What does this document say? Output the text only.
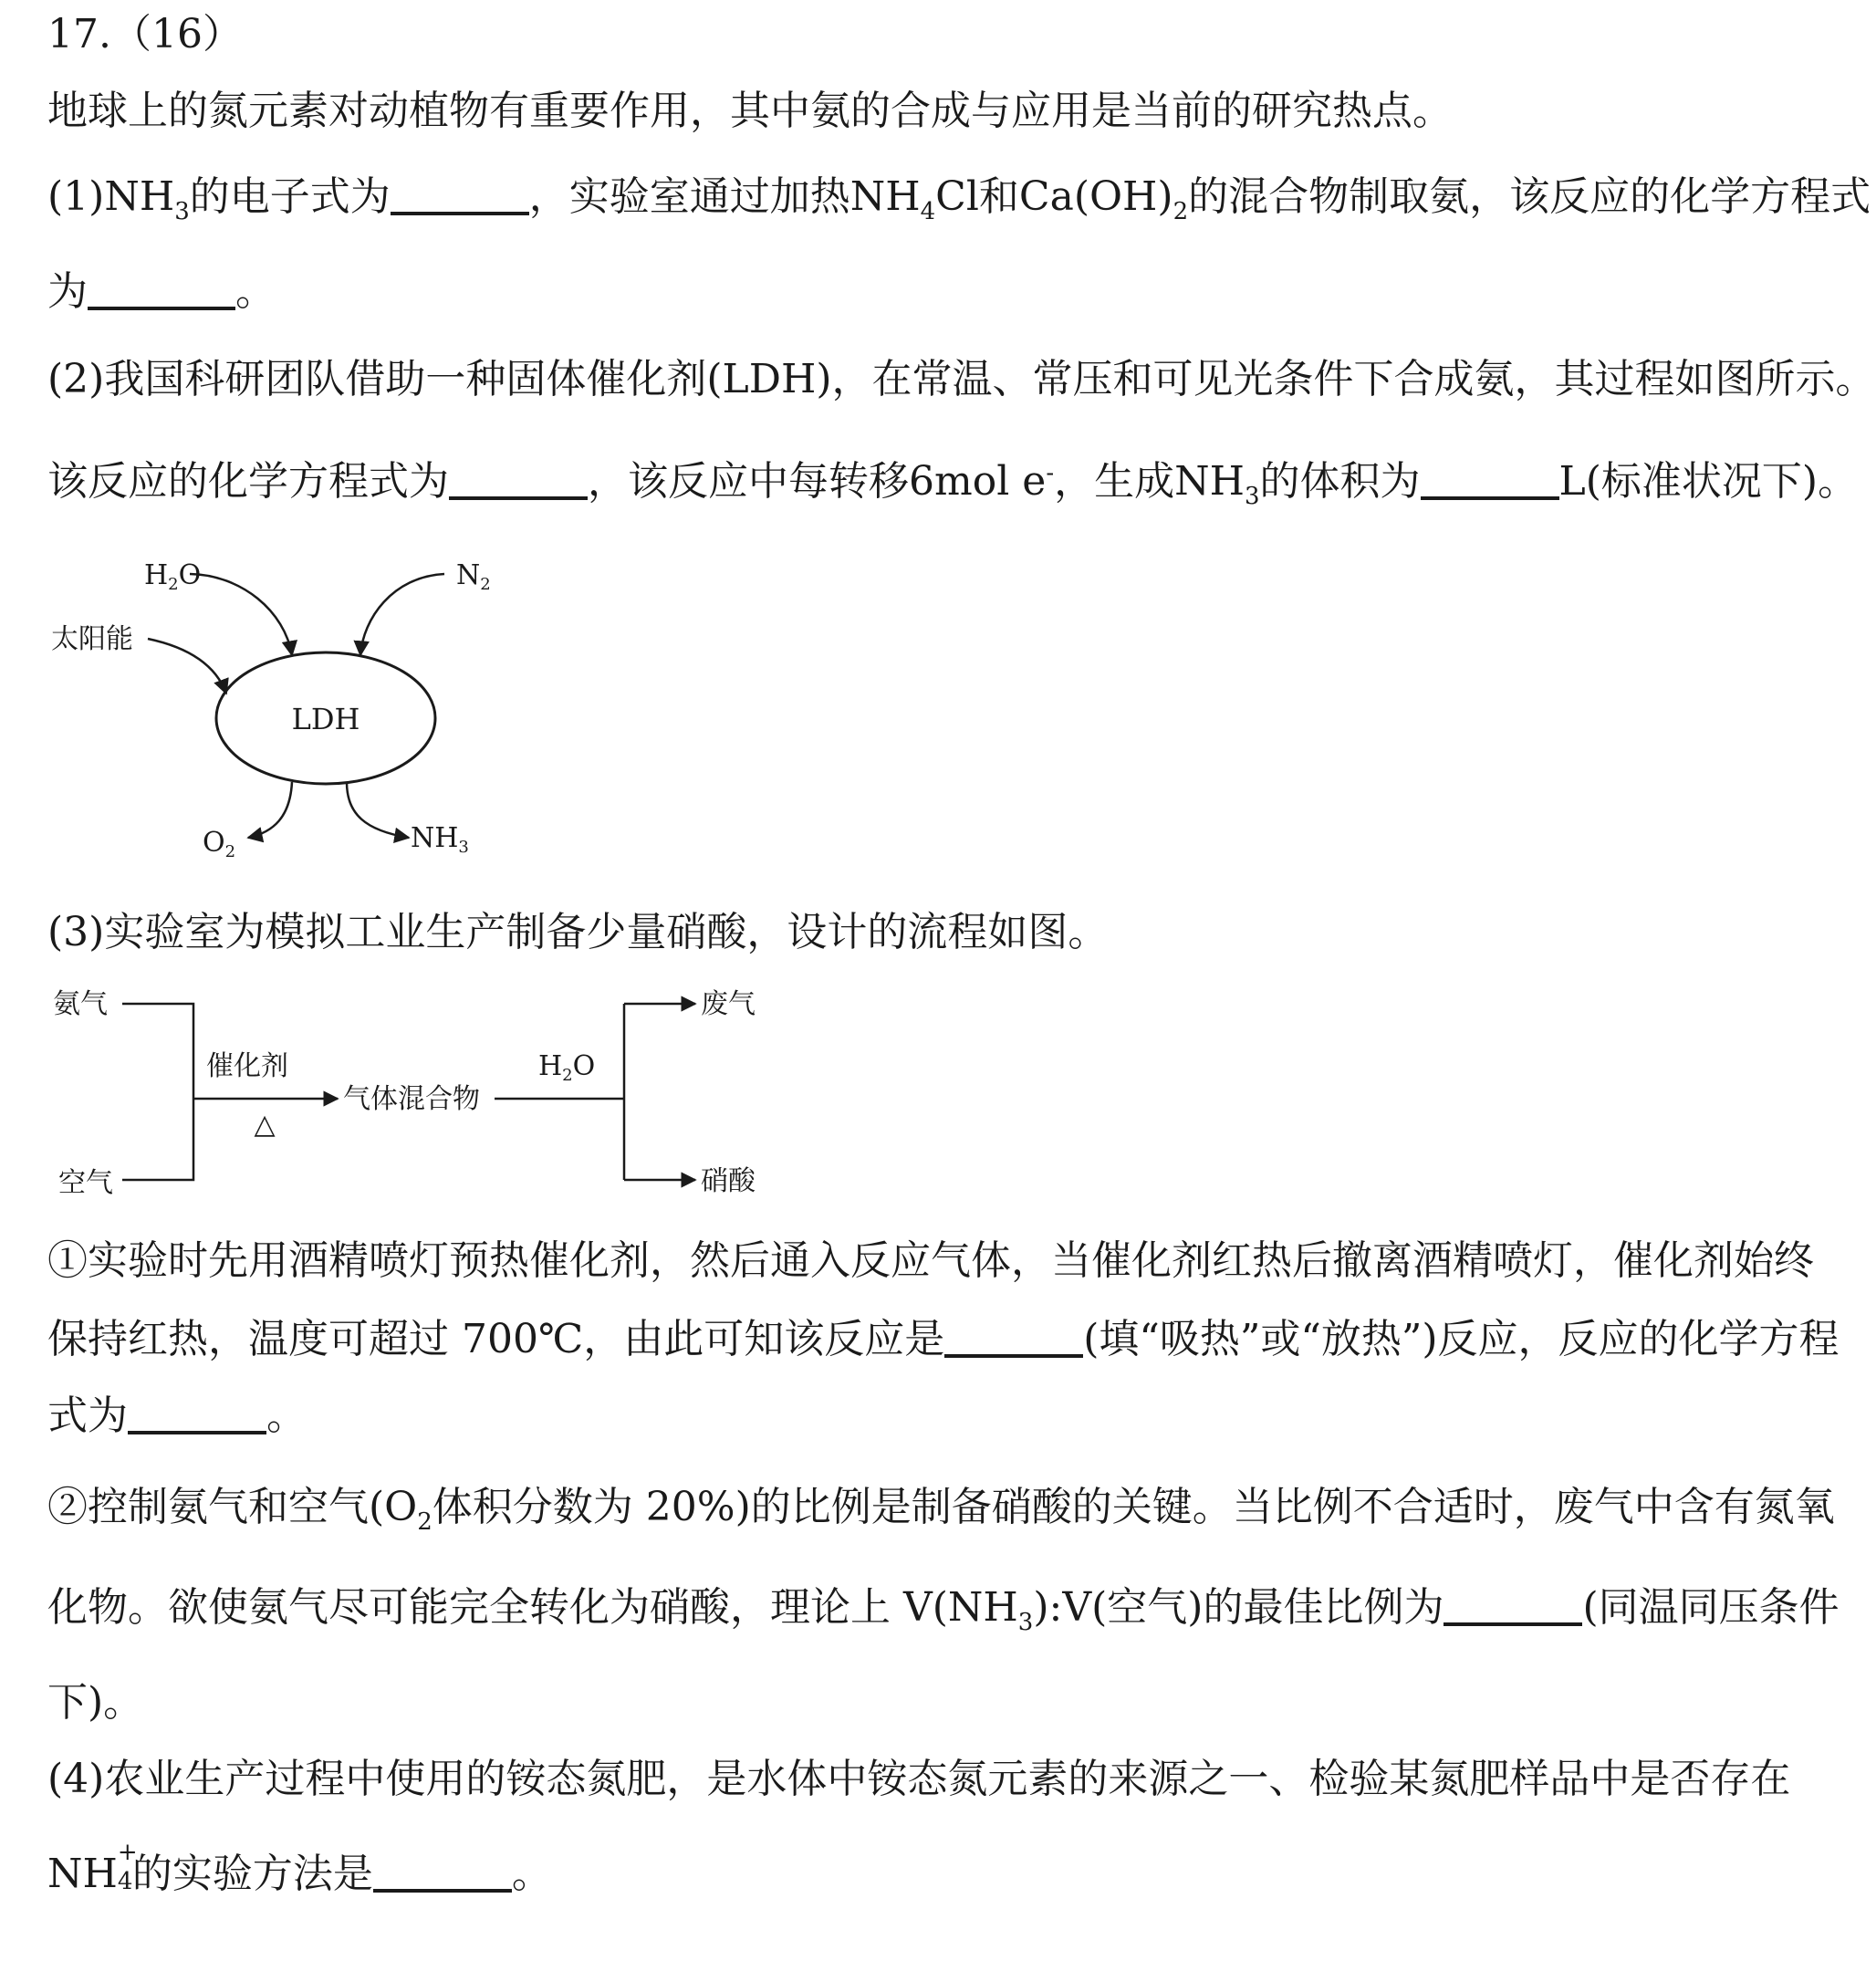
17.（16）

地球上的氮元素对动植物有重要作用，其中氨的合成与应用是当前的研究热点。

$(1)NH_3$的电子式为	，实验室通过加热$NH_4Cl$和$Ca(OH)_2$的混合物制取氨，该反应的化学方程式

为	。

(2)我国科研团队借助一种固体催化剂(LDH)，在常温、常压和可见光条件下合成氨，其过程如图所示。

该反应的化学方程式为	，该反应中每转移6mol e-，生成$NH_3$的体积为	L(标准状况下)。

LDH
$H_2O$	$N_2$
太阳能
$O_2$	$NH_3$

(3)实验室为模拟工业生产制备少量硝酸，设计的流程如图。

氨气
空气
催化剂
△
气体混合物
$H_2O$
废气
硝酸

①实验时先用酒精喷灯预热催化剂，然后通入反应气体，当催化剂红热后撤离酒精喷灯，催化剂始终

保持红热，温度可超过 700℃，由此可知该反应是	(填“吸热”或“放热”)反应，反应的化学方程

式为	。

②控制氨气和空气($O_2$体积分数为 20%)的比例是制备硝酸的关键。当比例不合适时，废气中含有氮氧

化物。欲使氨气尽可能完全转化为硝酸，理论上 $V(NH_3):V$(空气)的最佳比例为	(同温同压条件

下)。

(4)农业生产过程中使用的铵态氮肥，是水体中铵态氮元素的来源之一、检验某氮肥样品中是否存在

NH +
4 的实验方法是	。
